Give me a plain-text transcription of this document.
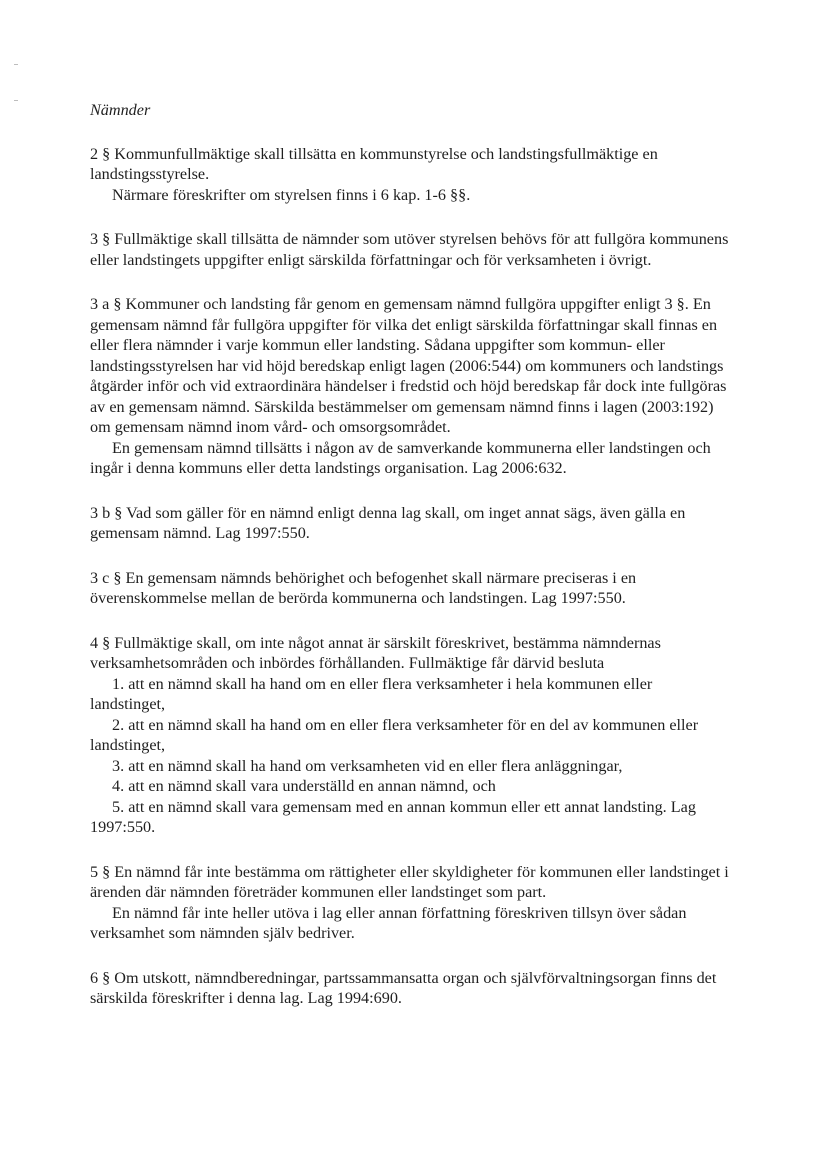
Nämnder

2 § Kommunfullmäktige skall tillsätta en kommunstyrelse och landstingsfullmäktige en landstingsstyrelse.

Närmare föreskrifter om styrelsen finns i 6 kap. 1-6 §§.

3 § Fullmäktige skall tillsätta de nämnder som utöver styrelsen behövs för att fullgöra kommunens eller landstingets uppgifter enligt särskilda författningar och för verksamheten i övrigt.

3 a § Kommuner och landsting får genom en gemensam nämnd fullgöra uppgifter enligt 3 §. En gemensam nämnd får fullgöra uppgifter för vilka det enligt särskilda författningar skall finnas en eller flera nämnder i varje kommun eller landsting. Sådana uppgifter som kommun- eller landstingsstyrelsen har vid höjd beredskap enligt lagen (2006:544) om kommuners och landstings åtgärder inför och vid extraordinära händelser i fredstid och höjd beredskap får dock inte fullgöras av en gemensam nämnd. Särskilda bestämmelser om gemensam nämnd finns i lagen (2003:192) om gemensam nämnd inom vård- och omsorgsområdet.

En gemensam nämnd tillsätts i någon av de samverkande kommunerna eller landstingen och ingår i denna kommuns eller detta landstings organisation. Lag 2006:632.

3 b § Vad som gäller för en nämnd enligt denna lag skall, om inget annat sägs, även gälla en gemensam nämnd. Lag 1997:550.

3 c § En gemensam nämnds behörighet och befogenhet skall närmare preciseras i en överenskommelse mellan de berörda kommunerna och landstingen. Lag 1997:550.

4 § Fullmäktige skall, om inte något annat är särskilt föreskrivet, bestämma nämndernas verksamhetsområden och inbördes förhållanden. Fullmäktige får därvid besluta

1. att en nämnd skall ha hand om en eller flera verksamheter i hela kommunen eller landstinget,

2. att en nämnd skall ha hand om en eller flera verksamheter för en del av kommunen eller landstinget,

3. att en nämnd skall ha hand om verksamheten vid en eller flera anläggningar,

4. att en nämnd skall vara underställd en annan nämnd, och

5. att en nämnd skall vara gemensam med en annan kommun eller ett annat landsting. Lag 1997:550.

5 § En nämnd får inte bestämma om rättigheter eller skyldigheter för kommunen eller landstinget i ärenden där nämnden företräder kommunen eller landstinget som part.

En nämnd får inte heller utöva i lag eller annan författning föreskriven tillsyn över sådan verksamhet som nämnden själv bedriver.

6 § Om utskott, nämndberedningar, partssammansatta organ och självförvaltningsorgan finns det särskilda föreskrifter i denna lag. Lag 1994:690.
